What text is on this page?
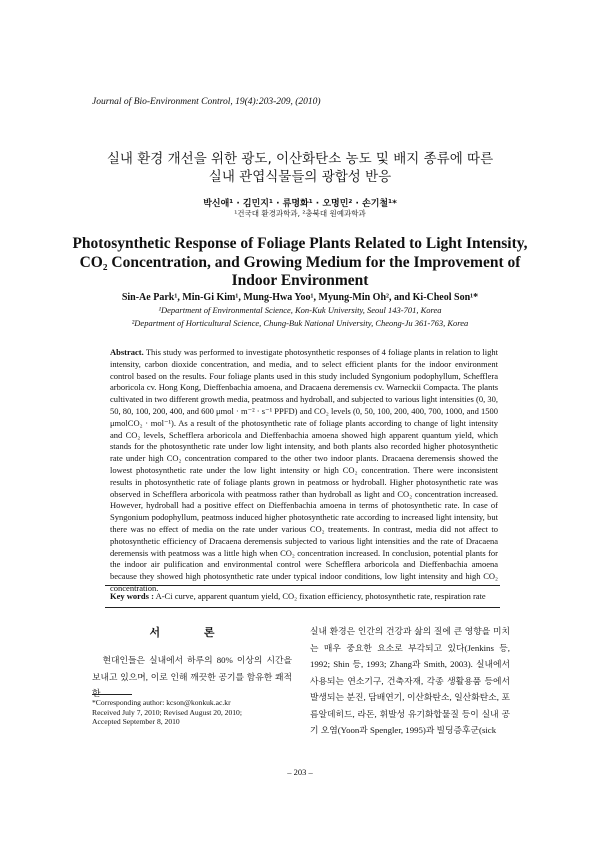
Journal of Bio-Environment Control, 19(4):203-209, (2010)
실내 환경 개선을 위한 광도, 이산화탄소 농도 및 배지 종류에 따른
실내 관엽식물들의 광합성 반응
박신애¹ · 김민지¹ · 류명화¹ · 오명민² · 손기철¹*
¹건국대 환경과학과, ²충북대 원예과학과
Photosynthetic Response of Foliage Plants Related to Light Intensity, CO₂ Concentration, and Growing Medium for the Improvement of Indoor Environment
Sin-Ae Park¹, Min-Gi Kim¹, Mung-Hwa Yoo¹, Myung-Min Oh², and Ki-Cheol Son¹*
¹Department of Environmental Science, Kon-Kuk University, Seoul 143-701, Korea
²Department of Horticultural Science, Chung-Buk National University, Cheong-Ju 361-763, Korea
Abstract. This study was performed to investigate photosynthetic responses of 4 foliage plants in relation to light intensity, carbon dioxide concentration, and media, and to select efficient plants for the indoor environment control based on the results. Four foliage plants used in this study included Syngonium podophyllum, Schefflera arboricola cv. Hong Kong, Dieffenbachia amoena, and Dracaena deremensis cv. Warneckii Compacta. The plants cultivated in two different growth media, peatmoss and hydroball, and subjected to various light intensities (0, 30, 50, 80, 100, 200, 400, and 600 μmol · m⁻² · s⁻¹ PPFD) and CO₂ levels (0, 50, 100, 200, 400, 700, 1000, and 1500 μmolCO₂ · mol⁻¹). As a result of the photosynthetic rate of foliage plants according to change of light intensity and CO₂ levels, Schefflera arboricola and Dieffenbachia amoena showed high apparent quantum yield, which stands for the photosynthetic rate under low light intensity, and both plants also recorded higher photosynthetic rate under high CO₂ concentration compared to the other two indoor plants. Dracaena deremensis showed the lowest photosynthetic rate under the low light intensity or high CO₂ concentration. There were inconsistent results in photosynthetic rate of foliage plants grown in peatmoss or hydroball. Higher photosynthetic rate was observed in Schefflera arboricola with peatmoss rather than hydroball as light and CO₂ concentration increased. However, hydroball had a positive effect on Dieffenbachia amoena in terms of photosynthetic rate. In case of Syngonium podophyllum, peatmoss induced higher photosynthetic rate according to increased light intensity, but there was no effect of media on the rate under various CO₂ treatements. In contrast, media did not affect to photosynthetic efficiency of Dracaena deremensis subjected to various light intensities and the rate of Dracaena deremensis with peatmoss was a little high when CO₂ concentration increased. In conclusion, potential plants for the indoor air pulification and environmental control were Schefflera arboricola and Dieffenbachia amoena because they showed high photosynthetic rate under typical indoor conditions, low light intensity and high CO₂ concentration.
Key words : A-Ci curve, apparent quantum yield, CO₂ fixation efficiency, photosynthetic rate, respiration rate
서 론
현대인들은 실내에서 하루의 80% 이상의 시간을 보내고 있으며, 이로 인해 깨끗한 공기를 함유한 쾌적한
실내 환경은 인간의 건강과 삶의 질에 큰 영향을 미치는 매우 중요한 요소로 부각되고 있다(Jenkins 등, 1992; Shin 등, 1993; Zhang과 Smith, 2003). 실내에서 사용되는 연소기구, 건축자재, 각종 생활용품 등에서 발생되는 분진, 담배연기, 이산화탄소, 일산화탄소, 포름알데히드, 라돈, 휘발성 유기화합물질 등이 실내 공기 오염(Yoon과 Spengler, 1995)과 빌딩증후군(sick
*Corresponding author: kcson@konkuk.ac.kr
Received July 7, 2010; Revised August 20, 2010;
Accepted September 8, 2010
– 203 –
